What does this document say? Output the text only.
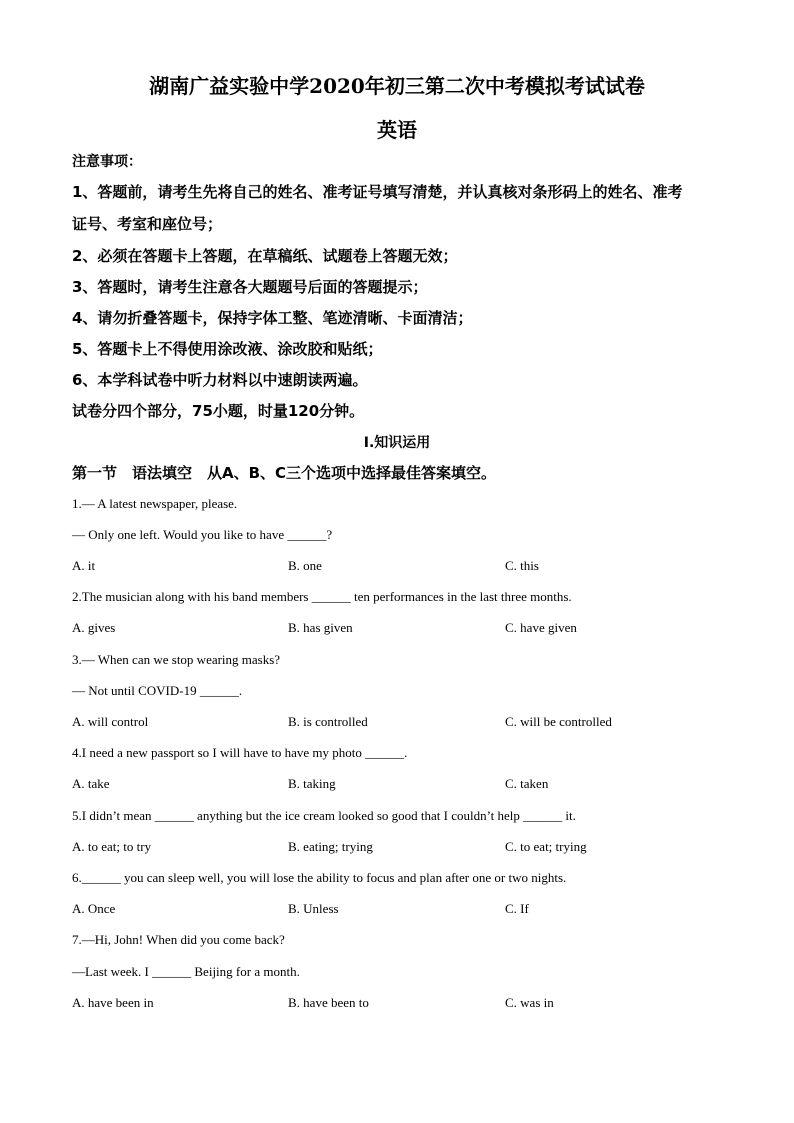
湖南广益实验中学2020年初三第二次中考模拟考试试卷
英语
注意事项：
1、答题前，请考生先将自己的姓名、准考证号填写清楚，并认真核对条形码上的姓名、准考
证号、考室和座位号；
2、必须在答题卡上答题，在草稿纸、试题卷上答题无效；
3、答题时，请考生注意各大题题号后面的答题提示；
4、请勿折叠答题卡，保持字体工整、笔迹清晰、卡面清洁；
5、答题卡上不得使用涂改液、涂改胶和贴纸；
6、本学科试卷中听力材料以中速朗读两遍。
试卷分四个部分，75小题，时量120分钟。
I.知识运用
第一节　语法填空　从A、B、C三个选项中选择最佳答案填空。
1.— A latest newspaper, please.
— Only one left. Would you like to have ______?
A. it	B. one	C. this
2.The musician along with his band members ______ ten performances in the last three months.
A. gives	B. has given	C. have given
3.— When can we stop wearing masks?
— Not until COVID-19 ______.
A. will control	B. is controlled	C. will be controlled
4.I need a new passport so I will have to have my photo ______.
A. take	B. taking	C. taken
5.I didn’t mean ______ anything but the ice cream looked so good that I couldn’t help ______ it.
A. to eat; to try	B. eating; trying	C. to eat; trying
6.______ you can sleep well, you will lose the ability to focus and plan after one or two nights.
A. Once	B. Unless	C. If
7.—Hi, John! When did you come back?
—Last week. I ______ Beijing for a month.
A. have been in	B. have been to	C. was in
